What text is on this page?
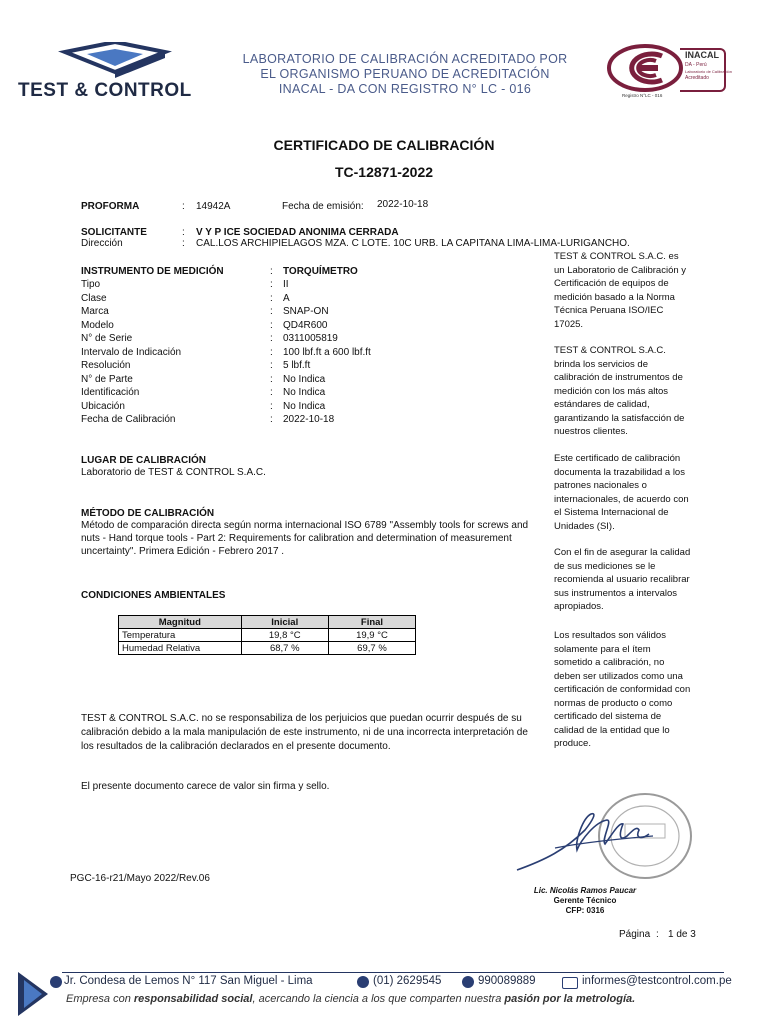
TEST & CONTROL
LABORATORIO DE CALIBRACIÓN ACREDITADO POR
EL ORGANISMO PERUANO DE ACREDITACIÓN
INACAL - DA CON REGISTRO N° LC - 016
INACAL
DA - Perú
Laboratorio de Calibración
Acreditado
Registro N°LC - 016
CERTIFICADO DE CALIBRACIÓN
TC-12871-2022
PROFORMA	: 14942A	Fecha de emisión: 2022-10-18
SOLICITANTE	: V Y P ICE SOCIEDAD ANONIMA CERRADA
Dirección	: CAL.LOS ARCHIPIELAGOS MZA. C LOTE. 10C URB. LA CAPITANA LIMA-LIMA-LURIGANCHO.
INSTRUMENTO DE MEDICIÓN	: TORQUÍMETRO
Tipo	: II
Clase	: A
Marca	: SNAP-ON
Modelo	: QD4R600
N° de Serie	: 0311005819
Intervalo de Indicación	: 100 lbf.ft a 600 lbf.ft
Resolución	: 5 lbf.ft
N° de Parte	: No Indica
Identificación	: No Indica
Ubicación	: No Indica
Fecha de Calibración	: 2022-10-18
LUGAR DE CALIBRACIÓN
Laboratorio de TEST & CONTROL S.A.C.
MÉTODO DE CALIBRACIÓN
Método de comparación directa según norma internacional ISO 6789 "Assembly tools for screws and
nuts - Hand torque tools - Part 2: Requirements for calibration and determination of measurement
uncertainty". Primera Edición - Febrero 2017 .
CONDICIONES AMBIENTALES
Magnitud	Inicial	Final
Temperatura	19,8 °C	19,9 °C
Humedad Relativa	68,7 %	69,7 %
TEST & CONTROL S.A.C. no se responsabiliza de los perjuicios que puedan ocurrir después de su
calibración debido a la mala manipulación de este instrumento, ni de una incorrecta interpretación de
los resultados de la calibración declarados en el presente documento.
El presente documento carece de valor sin firma y sello.
PGC-16-r21/Mayo 2022/Rev.06
TEST & CONTROL S.A.C. es
un Laboratorio de Calibración y
Certificación de equipos de
medición basado a la Norma
Técnica Peruana ISO/IEC
17025.
TEST & CONTROL S.A.C.
brinda los servicios de
calibración de instrumentos de
medición con los más altos
estándares de calidad,
garantizando la satisfacción de
nuestros clientes.
Este certificado de calibración
documenta la trazabilidad a los
patrones nacionales o
internacionales, de acuerdo con
el Sistema Internacional de
Unidades (SI).
Con el fin de asegurar la calidad
de sus mediciones se le
recomienda al usuario recalibrar
sus instrumentos a intervalos
apropiados.
Los resultados son válidos
solamente para el ítem
sometido a calibración, no
deben ser utilizados como una
certificación de conformidad con
normas de producto o como
certificado del sistema de
calidad de la entidad que lo
produce.
Lic. Nicolás Ramos Paucar
Gerente Técnico
CFP: 0316
Página : 1 de 3
Jr. Condesa de Lemos N° 117 San Miguel - Lima	(01) 2629545	990089889	informes@testcontrol.com.pe
Empresa con responsabilidad social, acercando la ciencia a los que comparten nuestra pasión por la metrología.
